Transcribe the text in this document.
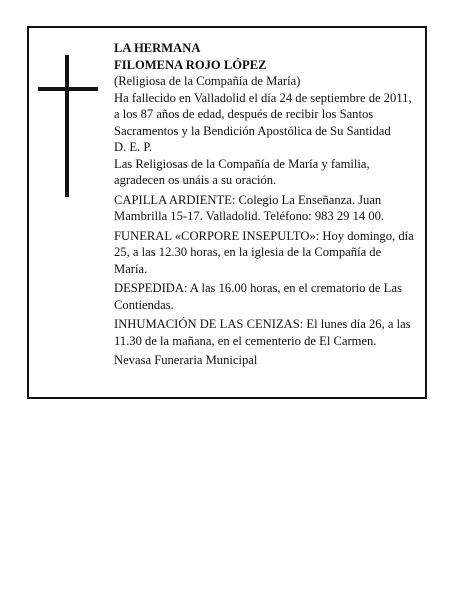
LA HERMANA

FILOMENA ROJO LÓPEZ

(Religiosa de la Compañía de María)

Ha fallecido en Valladolid el día 24 de septiembre de 2011, a los 87 años de edad, después de recibir los Santos Sacramentos y la Bendición Apostólica de Su Santidad

D. E. P.

Las Religiosas de la Compañía de María y familia, agradecen os unáis a su oración.

CAPILLA ARDIENTE: Colegio La Enseñanza. Juan Mambrilla 15-17. Valladolid. Teléfono: 983 29 14 00.

FUNERAL «CORPORE INSEPULTO»: Hoy domingo, día 25, a las 12.30 horas, en la iglesia de la Compañía de María.

DESPEDIDA: A las 16.00 horas, en el crematorio de Las Contiendas.

INHUMACIÓN DE LAS CENIZAS: El lunes día 26, a las 11.30 de la mañana, en el cementerio de El Carmen.

Nevasa Funeraria Municipal
